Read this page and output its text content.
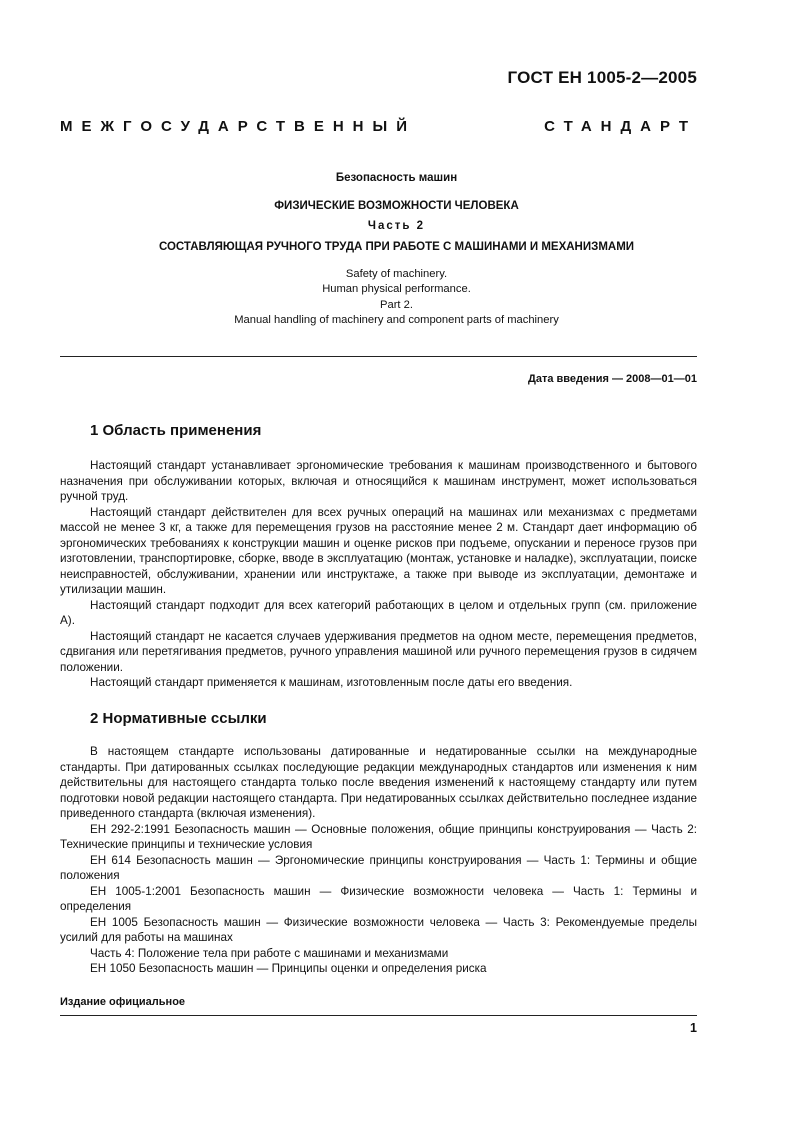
ГОСТ ЕН 1005-2—2005

МЕЖГОСУДАРСТВЕННЫЙ СТАНДАРТ

Безопасность машин

ФИЗИЧЕСКИЕ ВОЗМОЖНОСТИ ЧЕЛОВЕКА

Часть 2

СОСТАВЛЯЮЩАЯ РУЧНОГО ТРУДА ПРИ РАБОТЕ С МАШИНАМИ И МЕХАНИЗМАМИ

Safety of machinery.

Human physical performance.

Part 2.

Manual handling of machinery and component parts of machinery

Дата введения — 2008—01—01
1 Область применения

Настоящий стандарт устанавливает эргономические требования к машинам производственного и бытового назначения при обслуживании которых, включая и относящийся к машинам инструмент, может использоваться ручной труд.

Настоящий стандарт действителен для всех ручных операций на машинах или механизмах с предметами массой не менее 3 кг, а также для перемещения грузов на расстояние менее 2 м. Стандарт дает информацию об эргономических требованиях к конструкции машин и оценке рисков при подъеме, опускании и переносе грузов при изготовлении, транспортировке, сборке, вводе в эксплуатацию (монтаж, установке и наладке), эксплуатации, поиске неисправностей, обслуживании, хранении или инструктаже, а также при выводе из эксплуатации, демонтаже и утилизации машин.

Настоящий стандарт подходит для всех категорий работающих в целом и отдельных групп (см. приложение А).

Настоящий стандарт не касается случаев удерживания предметов на одном месте, перемещения предметов, сдвигания или перетягивания предметов, ручного управления машиной или ручного перемещения грузов в сидячем положении.

Настоящий стандарт применяется к машинам, изготовленным после даты его введения.

2 Нормативные ссылки

В настоящем стандарте использованы датированные и недатированные ссылки на международные стандарты. При датированных ссылках последующие редакции международных стандартов или изменения к ним действительны для настоящего стандарта только после введения изменений к настоящему стандарту или путем подготовки новой редакции настоящего стандарта. При недатированных ссылках действительно последнее издание приведенного стандарта (включая изменения).

ЕН 292-2:1991 Безопасность машин — Основные положения, общие принципы конструирования — Часть 2: Технические принципы и технические условия

ЕН 614 Безопасность машин — Эргономические принципы конструирования — Часть 1: Термины и общие положения

ЕН 1005-1:2001 Безопасность машин — Физические возможности человека — Часть 1: Термины и определения

ЕН 1005 Безопасность машин — Физические возможности человека — Часть 3: Рекомендуемые пределы усилий для работы на машинах

Часть 4: Положение тела при работе с машинами и механизмами

ЕН 1050 Безопасность машин — Принципы оценки и определения риска

Издание официальное
1
